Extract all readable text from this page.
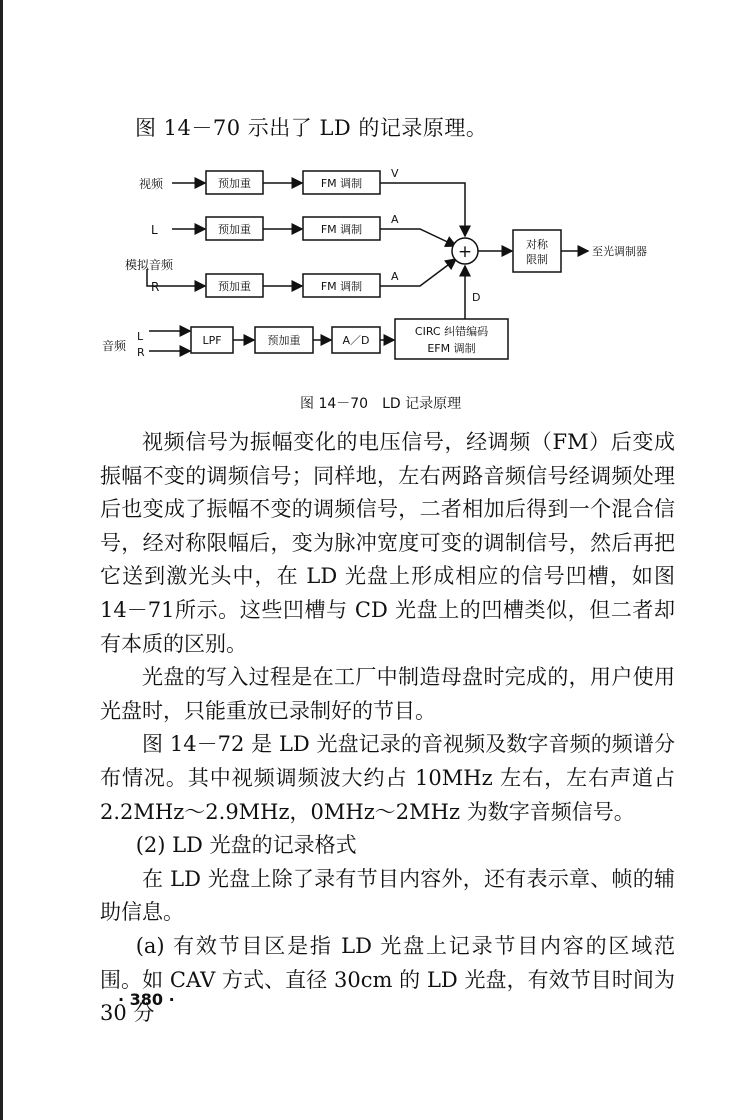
图 14－70 示出了 LD 的记录原理。
视频
L
模拟音频
R
音频
L
R
预加重	FM 调制
V
预加重	FM 调制
A
预加重	FM 调制
A
+	对称
限制
至光调制器
LPF	预加重	A／D
CIRC 纠错编码
EFM 调制
D
图 14－70　LD 记录原理

视频信号为振幅变化的电压信号，经调频（FM）后变成振幅不变的调频信号；同样地，左右两路音频信号经调频处理后也变成了振幅不变的调频信号，二者相加后得到一个混合信号，经对称限幅后，变为脉冲宽度可变的调制信号，然后再把它送到激光头中，在 LD 光盘上形成相应的信号凹槽，如图 14－71所示。这些凹槽与 CD 光盘上的凹槽类似，但二者却有本质的区别。

光盘的写入过程是在工厂中制造母盘时完成的，用户使用光盘时，只能重放已录制好的节目。

图 14－72 是 LD 光盘记录的音视频及数字音频的频谱分布情况。其中视频调频波大约占 10MHz 左右，左右声道占 2.2MHz～2.9MHz，0MHz～2MHz 为数字音频信号。

(2) LD 光盘的记录格式

在 LD 光盘上除了录有节目内容外，还有表示章、帧的辅助信息。

(a) 有效节目区是指 LD 光盘上记录节目内容的区域范围。如 CAV 方式、直径 30cm 的 LD 光盘，有效节目时间为 30 分

· 380 ·
